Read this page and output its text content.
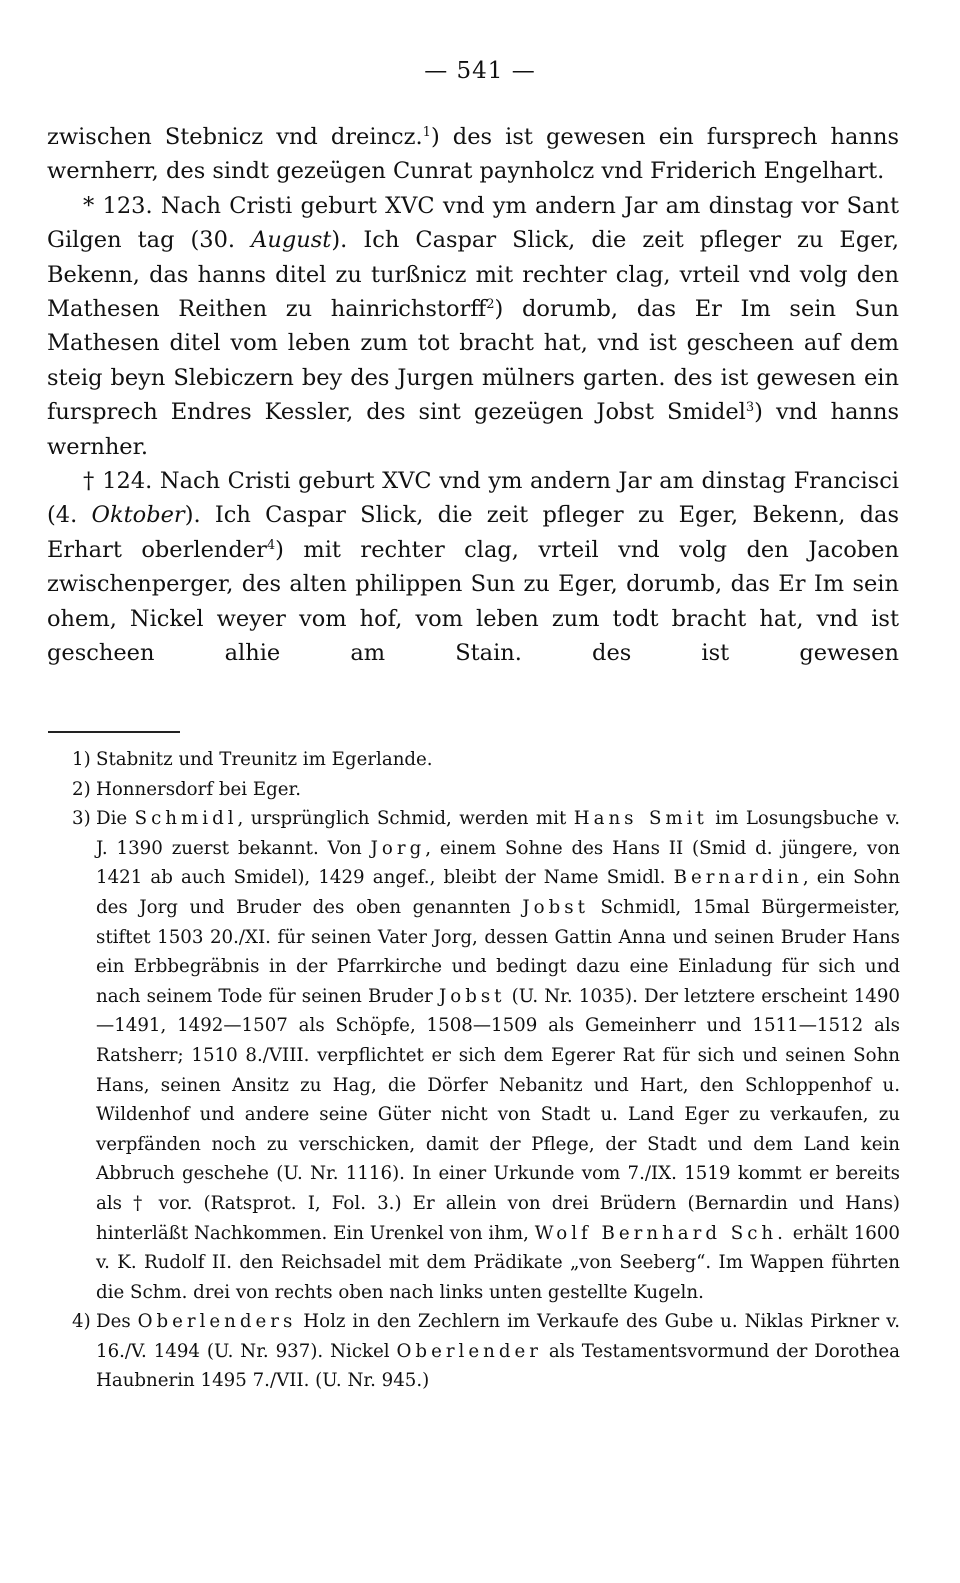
— 541 —

zwischen Stebnicz vnd dreincz.$^1$) des ist gewesen ein fursprech hanns wernherr, des sindt gezeügen Cunrat paynholcz vnd Friderich Engelhart.

* 123. Nach Cristi geburt XVC vnd ym andern Jar am dinstag vor Sant Gilgen tag (30. August). Ich Caspar Slick, die zeit pfleger zu Eger, Bekenn, das hanns ditel zu turßnicz mit rechter clag, vrteil vnd volg den Mathesen Reithen zu hainrichstorff$^2$) dorumb, das Er Im sein Sun Mathesen ditel vom leben zum tot bracht hat, vnd ist gescheen auf dem steig beyn Slebiczern bey des Jurgen mülners garten. des ist gewesen ein fursprech Endres Kessler, des sint gezeügen Jobst Smidel$^3$) vnd hanns wernher.

† 124. Nach Cristi geburt XVC vnd ym andern Jar am dinstag Francisci (4. Oktober). Ich Caspar Slick, die zeit pfleger zu Eger, Bekenn, das Erhart oberlender$^4$) mit rechter clag, vrteil vnd volg den Jacoben zwischenperger, des alten philippen Sun zu Eger, dorumb, das Er Im sein ohem, Nickel weyer vom hof, vom leben zum todt bracht hat, vnd ist gescheen alhie am Stain. des ist gewesen

1) Stabnitz und Treunitz im Egerlande.
2) Honnersdorf bei Eger.
3) Die Schmidl, ursprünglich Schmid, werden mit Hans Smit im Losungsbuche v. J. 1390 zuerst bekannt. Von Jorg, einem Sohne des Hans II (Smid d. jüngere, von 1421 ab auch Smidel), 1429 angef., bleibt der Name Smidl. Bernardin, ein Sohn des Jorg und Bruder des oben genannten Jobst Schmidl, 15mal Bürgermeister, stiftet 1503 20./XI. für seinen Vater Jorg, dessen Gattin Anna und seinen Bruder Hans ein Erbbegräbnis in der Pfarrkirche und bedingt dazu eine Einladung für sich und nach seinem Tode für seinen Bruder Jobst (U. Nr. 1035). Der letztere erscheint 1490—1491, 1492—1507 als Schöpfe, 1508—1509 als Gemeinherr und 1511—1512 als Ratsherr; 1510 8./VIII. verpflichtet er sich dem Egerer Rat für sich und seinen Sohn Hans, seinen Ansitz zu Hag, die Dörfer Nebanitz und Hart, den Schloppenhof u. Wildenhof und andere seine Güter nicht von Stadt u. Land Eger zu verkaufen, zu verpfänden noch zu verschicken, damit der Pflege, der Stadt und dem Land kein Abbruch geschehe (U. Nr. 1116). In einer Urkunde vom 7./IX. 1519 kommt er bereits als † vor. (Ratsprot. I, Fol. 3.) Er allein von drei Brüdern (Bernardin und Hans) hinterläßt Nachkommen. Ein Urenkel von ihm, Wolf Bernhard Sch. erhält 1600 v. K. Rudolf II. den Reichsadel mit dem Prädikate „von Seeberg“. Im Wappen führten die Schm. drei von rechts oben nach links unten gestellte Kugeln.
4) Des Oberlenders Holz in den Zechlern im Verkaufe des Gube u. Niklas Pirkner v. 16./V. 1494 (U. Nr. 937). Nickel Oberlender als Testamentsvormund der Dorothea Haubnerin 1495 7./VII. (U. Nr. 945.)
